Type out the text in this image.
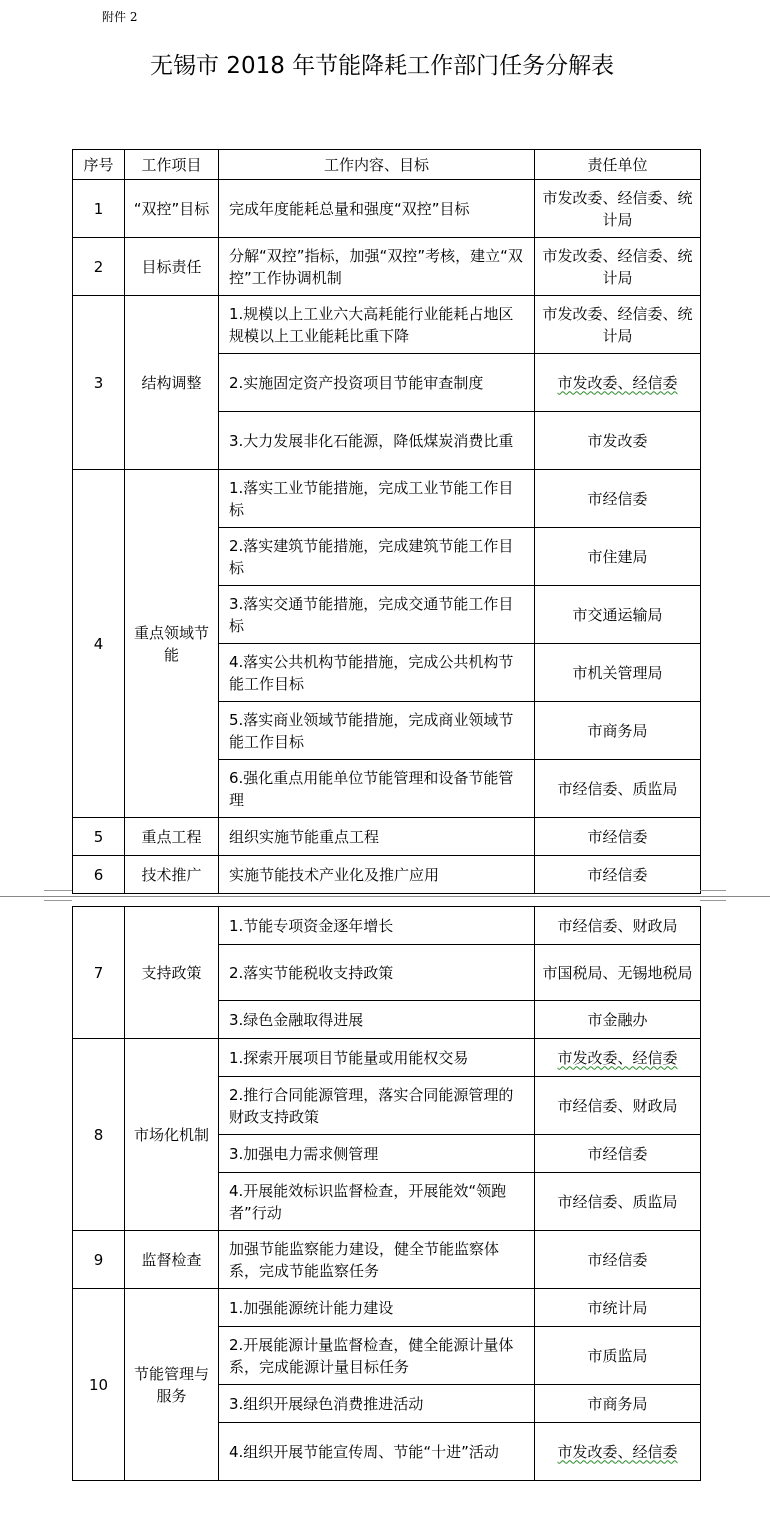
附件 2
无锡市 2018 年节能降耗工作部门任务分解表
序号	工作项目	工作内容、目标	责任单位
1	“双控”目标	完成年度能耗总量和强度“双控”目标	市发改委、经信委、统计局
2	目标责任	分解“双控”指标，加强“双控”考核，建立“双控”工作协调机制	市发改委、经信委、统计局
3	结构调整	1.规模以上工业六大高耗能行业能耗占地区规模以上工业能耗比重下降	市发改委、经信委、统计局
		2.实施固定资产投资项目节能审查制度	市发改委、经信委
		3.大力发展非化石能源，降低煤炭消费比重	市发改委
4	重点领域节能	1.落实工业节能措施，完成工业节能工作目标	市经信委
		2.落实建筑节能措施，完成建筑节能工作目标	市住建局
		3.落实交通节能措施，完成交通节能工作目标	市交通运输局
		4.落实公共机构节能措施，完成公共机构节能工作目标	市机关管理局
		5.落实商业领域节能措施，完成商业领域节能工作目标	市商务局
		6.强化重点用能单位节能管理和设备节能管理	市经信委、质监局
5	重点工程	组织实施节能重点工程	市经信委
6	技术推广	实施节能技术产业化及推广应用	市经信委
7	支持政策	1.节能专项资金逐年增长	市经信委、财政局
		2.落实节能税收支持政策	市国税局、无锡地税局
		3.绿色金融取得进展	市金融办
8	市场化机制	1.探索开展项目节能量或用能权交易	市发改委、经信委
		2.推行合同能源管理，落实合同能源管理的财政支持政策	市经信委、财政局
		3.加强电力需求侧管理	市经信委
		4.开展能效标识监督检查，开展能效“领跑者”行动	市经信委、质监局
9	监督检查	加强节能监察能力建设，健全节能监察体系，完成节能监察任务	市经信委
10	节能管理与服务	1.加强能源统计能力建设	市统计局
		2.开展能源计量监督检查，健全能源计量体系，完成能源计量目标任务	市质监局
		3.组织开展绿色消费推进活动	市商务局
		4.组织开展节能宣传周、节能“十进”活动	市发改委、经信委
